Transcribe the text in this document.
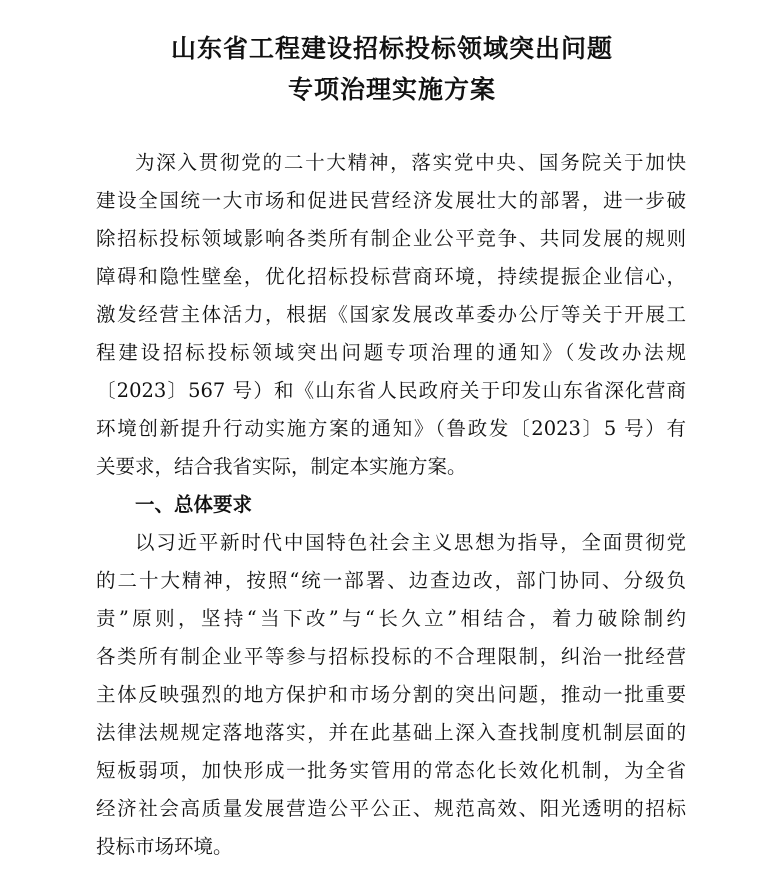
山东省工程建设招标投标领域突出问题
专项治理实施方案
为深入贯彻党的二十大精神，落实党中央、国务院关于加快
建设全国统一大市场和促进民营经济发展壮大的部署，进一步破
除招标投标领域影响各类所有制企业公平竞争、共同发展的规则
障碍和隐性壁垒，优化招标投标营商环境，持续提振企业信心，
激发经营主体活力，根据《国家发展改革委办公厅等关于开展工
程建设招标投标领域突出问题专项治理的通知》（发改办法规
〔2023〕567 号）和《山东省人民政府关于印发山东省深化营商
环境创新提升行动实施方案的通知》（鲁政发〔2023〕5 号）有
关要求，结合我省实际，制定本实施方案。
一、总体要求
以习近平新时代中国特色社会主义思想为指导，全面贯彻党
的二十大精神，按照“统一部署、边查边改，部门协同、分级负
责”原则，坚持“当下改”与“长久立”相结合，着力破除制约
各类所有制企业平等参与招标投标的不合理限制，纠治一批经营
主体反映强烈的地方保护和市场分割的突出问题，推动一批重要
法律法规规定落地落实，并在此基础上深入查找制度机制层面的
短板弱项，加快形成一批务实管用的常态化长效化机制，为全省
经济社会高质量发展营造公平公正、规范高效、阳光透明的招标
投标市场环境。
